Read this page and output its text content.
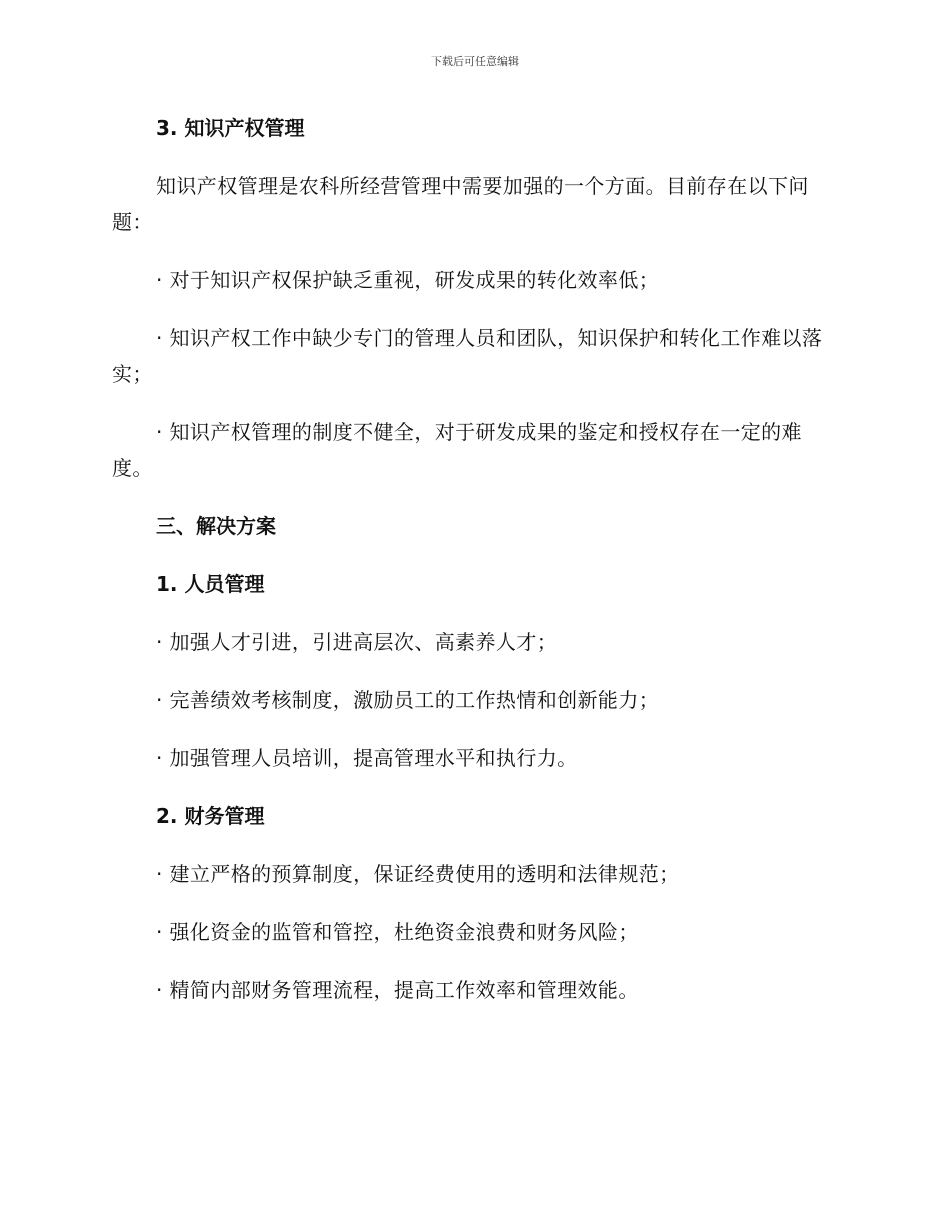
下载后可任意编辑
3. 知识产权管理
知识产权管理是农科所经营管理中需要加强的一个方面。目前存在以下问题：
· 对于知识产权保护缺乏重视，研发成果的转化效率低；
· 知识产权工作中缺少专门的管理人员和团队，知识保护和转化工作难以落实；
· 知识产权管理的制度不健全，对于研发成果的鉴定和授权存在一定的难度。
三、解决方案
1. 人员管理
· 加强人才引进，引进高层次、高素养人才；
· 完善绩效考核制度，激励员工的工作热情和创新能力；
· 加强管理人员培训，提高管理水平和执行力。
2. 财务管理
· 建立严格的预算制度，保证经费使用的透明和法律规范；
· 强化资金的监管和管控，杜绝资金浪费和财务风险；
· 精简内部财务管理流程，提高工作效率和管理效能。
